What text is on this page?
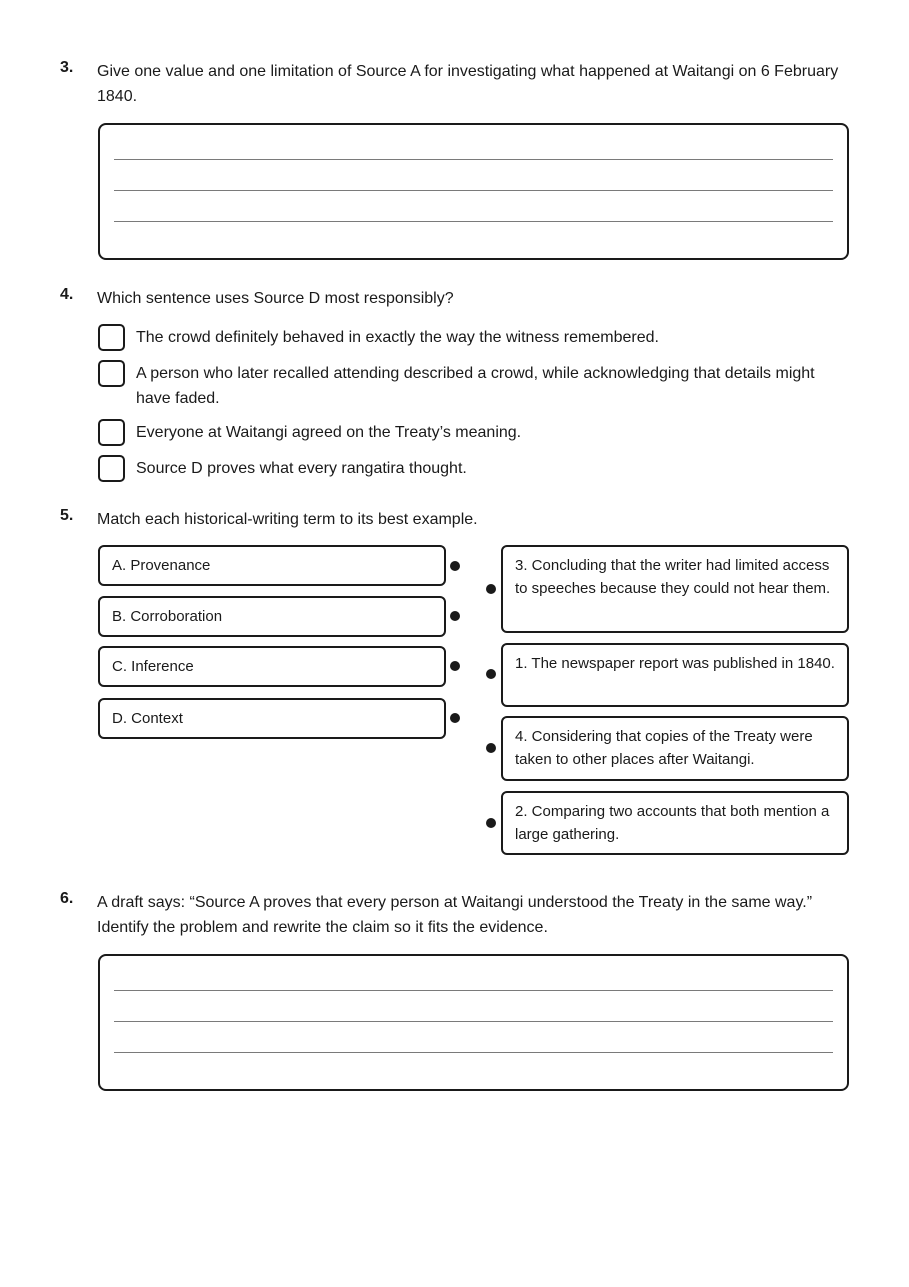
3. Give one value and one limitation of Source A for investigating what happened at Waitangi on 6 February 1840.
4. Which sentence uses Source D most responsibly?
The crowd definitely behaved in exactly the way the witness remembered.
A person who later recalled attending described a crowd, while acknowledging that details might have faded.
Everyone at Waitangi agreed on the Treaty’s meaning.
Source D proves what every rangatira thought.
5. Match each historical-writing term to its best example.
A. Provenance
B. Corroboration
C. Inference
D. Context
3. Concluding that the writer had limited access to speeches because they could not hear them.
1. The newspaper report was published in 1840.
4. Considering that copies of the Treaty were taken to other places after Waitangi.
2. Comparing two accounts that both mention a large gathering.
6. A draft says: “Source A proves that every person at Waitangi understood the Treaty in the same way.” Identify the problem and rewrite the claim so it fits the evidence.
